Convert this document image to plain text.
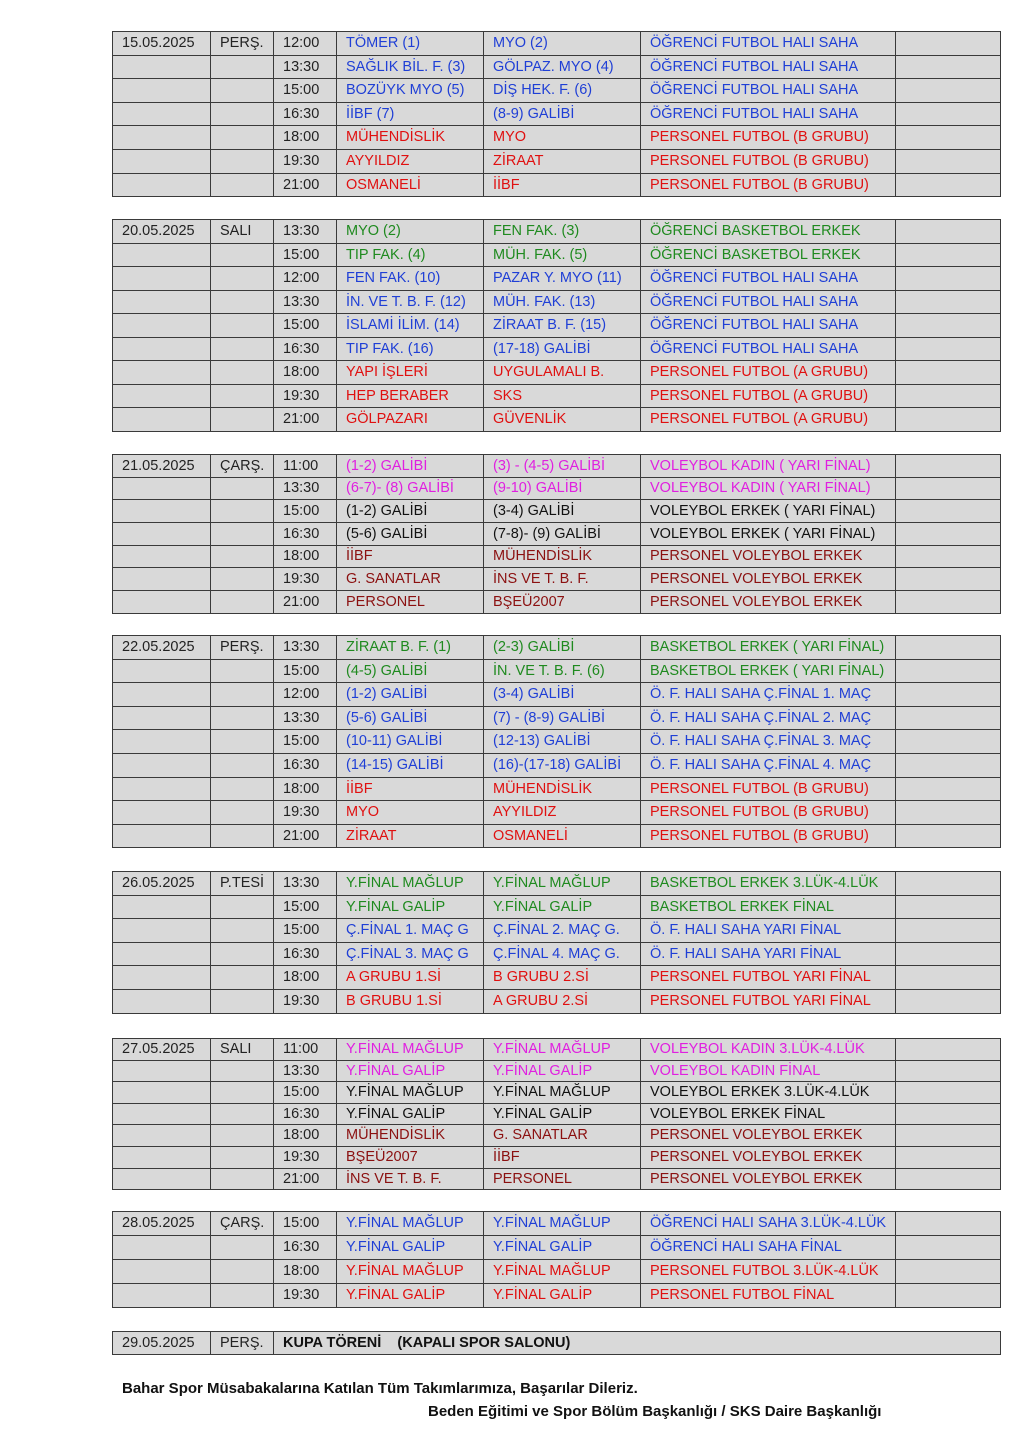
15.05.2025	PERŞ.	12:00	TÖMER (1)	MYO (2)	ÖĞRENCİ FUTBOL HALI SAHA	
		13:30	SAĞLIK BİL. F. (3)	GÖLPAZ. MYO (4)	ÖĞRENCİ FUTBOL HALI SAHA	
		15:00	BOZÜYK MYO (5)	DİŞ HEK. F. (6)	ÖĞRENCİ FUTBOL HALI SAHA	
		16:30	İİBF (7)	(8-9) GALİBİ	ÖĞRENCİ FUTBOL HALI SAHA	
		18:00	MÜHENDİSLİK	MYO	PERSONEL FUTBOL (B GRUBU)	
		19:30	AYYILDIZ	ZİRAAT	PERSONEL FUTBOL (B GRUBU)	
		21:00	OSMANELİ	İİBF	PERSONEL FUTBOL (B GRUBU)	
20.05.2025	SALI	13:30	MYO (2)	FEN FAK. (3)	ÖĞRENCİ BASKETBOL ERKEK	
		15:00	TIP FAK. (4)	MÜH. FAK. (5)	ÖĞRENCİ BASKETBOL ERKEK	
		12:00	FEN FAK. (10)	PAZAR Y. MYO (11)	ÖĞRENCİ FUTBOL HALI SAHA	
		13:30	İN. VE T. B. F. (12)	MÜH. FAK. (13)	ÖĞRENCİ FUTBOL HALI SAHA	
		15:00	İSLAMİ İLİM. (14)	ZİRAAT B. F. (15)	ÖĞRENCİ FUTBOL HALI SAHA	
		16:30	TIP FAK. (16)	(17-18) GALİBİ	ÖĞRENCİ FUTBOL HALI SAHA	
		18:00	YAPI İŞLERİ	UYGULAMALI B.	PERSONEL FUTBOL (A GRUBU)	
		19:30	HEP BERABER	SKS	PERSONEL FUTBOL (A GRUBU)	
		21:00	GÖLPAZARI	GÜVENLİK	PERSONEL FUTBOL (A GRUBU)	
21.05.2025	ÇARŞ.	11:00	(1-2) GALİBİ	(3) - (4-5) GALİBİ	VOLEYBOL KADIN ( YARI FİNAL)	
		13:30	(6-7)- (8) GALİBİ	(9-10) GALİBİ	VOLEYBOL KADIN ( YARI FİNAL)	
		15:00	(1-2) GALİBİ	(3-4) GALİBİ	VOLEYBOL ERKEK ( YARI FİNAL)	
		16:30	(5-6) GALİBİ	(7-8)- (9) GALİBİ	VOLEYBOL ERKEK ( YARI FİNAL)	
		18:00	İİBF	MÜHENDİSLİK	PERSONEL VOLEYBOL ERKEK	
		19:30	G. SANATLAR	İNS VE T. B. F.	PERSONEL VOLEYBOL ERKEK	
		21:00	PERSONEL	BŞEÜ2007	PERSONEL VOLEYBOL ERKEK	
22.05.2025	PERŞ.	13:30	ZİRAAT B. F. (1)	(2-3) GALİBİ	BASKETBOL ERKEK ( YARI FİNAL)	
		15:00	(4-5) GALİBİ	İN. VE T. B. F. (6)	BASKETBOL ERKEK ( YARI FİNAL)	
		12:00	(1-2) GALİBİ	(3-4) GALİBİ	Ö. F. HALI SAHA Ç.FİNAL 1. MAÇ	
		13:30	(5-6) GALİBİ	(7) - (8-9) GALİBİ	Ö. F. HALI SAHA Ç.FİNAL 2. MAÇ	
		15:00	(10-11) GALİBİ	(12-13) GALİBİ	Ö. F. HALI SAHA Ç.FİNAL 3. MAÇ	
		16:30	(14-15) GALİBİ	(16)-(17-18) GALİBİ	Ö. F. HALI SAHA Ç.FİNAL 4. MAÇ	
		18:00	İİBF	MÜHENDİSLİK	PERSONEL FUTBOL (B GRUBU)	
		19:30	MYO	AYYILDIZ	PERSONEL FUTBOL (B GRUBU)	
		21:00	ZİRAAT	OSMANELİ	PERSONEL FUTBOL (B GRUBU)	
26.05.2025	P.TESİ	13:30	Y.FİNAL MAĞLUP	Y.FİNAL MAĞLUP	BASKETBOL ERKEK 3.LÜK-4.LÜK	
		15:00	Y.FİNAL GALİP	Y.FİNAL GALİP	BASKETBOL ERKEK FİNAL	
		15:00	Ç.FİNAL 1. MAÇ G	Ç.FİNAL 2. MAÇ G.	Ö. F. HALI SAHA YARI FİNAL	
		16:30	Ç.FİNAL 3. MAÇ G	Ç.FİNAL 4. MAÇ G.	Ö. F. HALI SAHA YARI FİNAL	
		18:00	A GRUBU 1.Sİ	B GRUBU 2.Sİ	PERSONEL FUTBOL YARI FİNAL	
		19:30	B GRUBU 1.Sİ	A GRUBU 2.Sİ	PERSONEL FUTBOL YARI FİNAL	
27.05.2025	SALI	11:00	Y.FİNAL MAĞLUP	Y.FİNAL MAĞLUP	VOLEYBOL KADIN 3.LÜK-4.LÜK	
		13:30	Y.FİNAL GALİP	Y.FİNAL GALİP	VOLEYBOL KADIN FİNAL	
		15:00	Y.FİNAL MAĞLUP	Y.FİNAL MAĞLUP	VOLEYBOL ERKEK 3.LÜK-4.LÜK	
		16:30	Y.FİNAL GALİP	Y.FİNAL GALİP	VOLEYBOL ERKEK FİNAL	
		18:00	MÜHENDİSLİK	G. SANATLAR	PERSONEL VOLEYBOL ERKEK	
		19:30	BŞEÜ2007	İİBF	PERSONEL VOLEYBOL ERKEK	
		21:00	İNS VE T. B. F.	PERSONEL	PERSONEL VOLEYBOL ERKEK	
28.05.2025	ÇARŞ.	15:00	Y.FİNAL MAĞLUP	Y.FİNAL MAĞLUP	ÖĞRENCİ HALI SAHA 3.LÜK-4.LÜK	
		16:30	Y.FİNAL GALİP	Y.FİNAL GALİP	ÖĞRENCİ HALI SAHA FİNAL	
		18:00	Y.FİNAL MAĞLUP	Y.FİNAL MAĞLUP	PERSONEL FUTBOL 3.LÜK-4.LÜK	
		19:30	Y.FİNAL GALİP	Y.FİNAL GALİP	PERSONEL FUTBOL FİNAL	
29.05.2025	PERŞ.	KUPA TÖRENİ    (KAPALI SPOR SALONU)
Bahar Spor Müsabakalarına Katılan Tüm Takımlarımıza, Başarılar Dileriz.
Beden Eğitimi ve Spor Bölüm Başkanlığı / SKS Daire Başkanlığı
